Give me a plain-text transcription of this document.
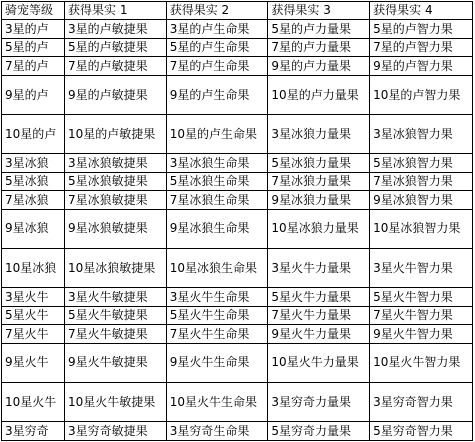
骑宠等级	获得果实 1	获得果实 2	获得果实 3	获得果实 4
3星的卢	3星的卢敏捷果	3星的卢生命果	5星的卢力量果	5星的卢智力果
5星的卢	5星的卢敏捷果	5星的卢生命果	7星的卢力量果	7星的卢智力果
7星的卢	7星的卢敏捷果	7星的卢生命果	9星的卢力量果	9星的卢智力果
9星的卢	9星的卢敏捷果	9星的卢生命果	10星的卢力量果	10星的卢智力果
10星的卢	10星的卢敏捷果	10星的卢生命果	3星冰狼力量果	3星冰狼智力果
3星冰狼	3星冰狼敏捷果	3星冰狼生命果	5星冰狼力量果	5星冰狼智力果
5星冰狼	5星冰狼敏捷果	5星冰狼生命果	7星冰狼力量果	7星冰狼智力果
7星冰狼	7星冰狼敏捷果	7星冰狼生命果	9星冰狼力量果	9星冰狼智力果
9星冰狼	9星冰狼敏捷果	9星冰狼生命果	10星冰狼力量果	10星冰狼智力果
10星冰狼	10星冰狼敏捷果	10星冰狼生命果	3星火牛力量果	3星火牛智力果
3星火牛	3星火牛敏捷果	3星火牛生命果	5星火牛力量果	5星火牛智力果
5星火牛	5星火牛敏捷果	5星火牛生命果	7星火牛力量果	7星火牛智力果
7星火牛	7星火牛敏捷果	7星火牛生命果	9星火牛力量果	9星火牛智力果
9星火牛	9星火牛敏捷果	9星火牛生命果	10星火牛力量果	10星火牛智力果
10星火牛	10星火牛敏捷果	10星火牛生命果	3星穷奇力量果	3星穷奇智力果
3星穷奇	3星穷奇敏捷果	3星穷奇生命果	5星穷奇力量果	5星穷奇智力果
